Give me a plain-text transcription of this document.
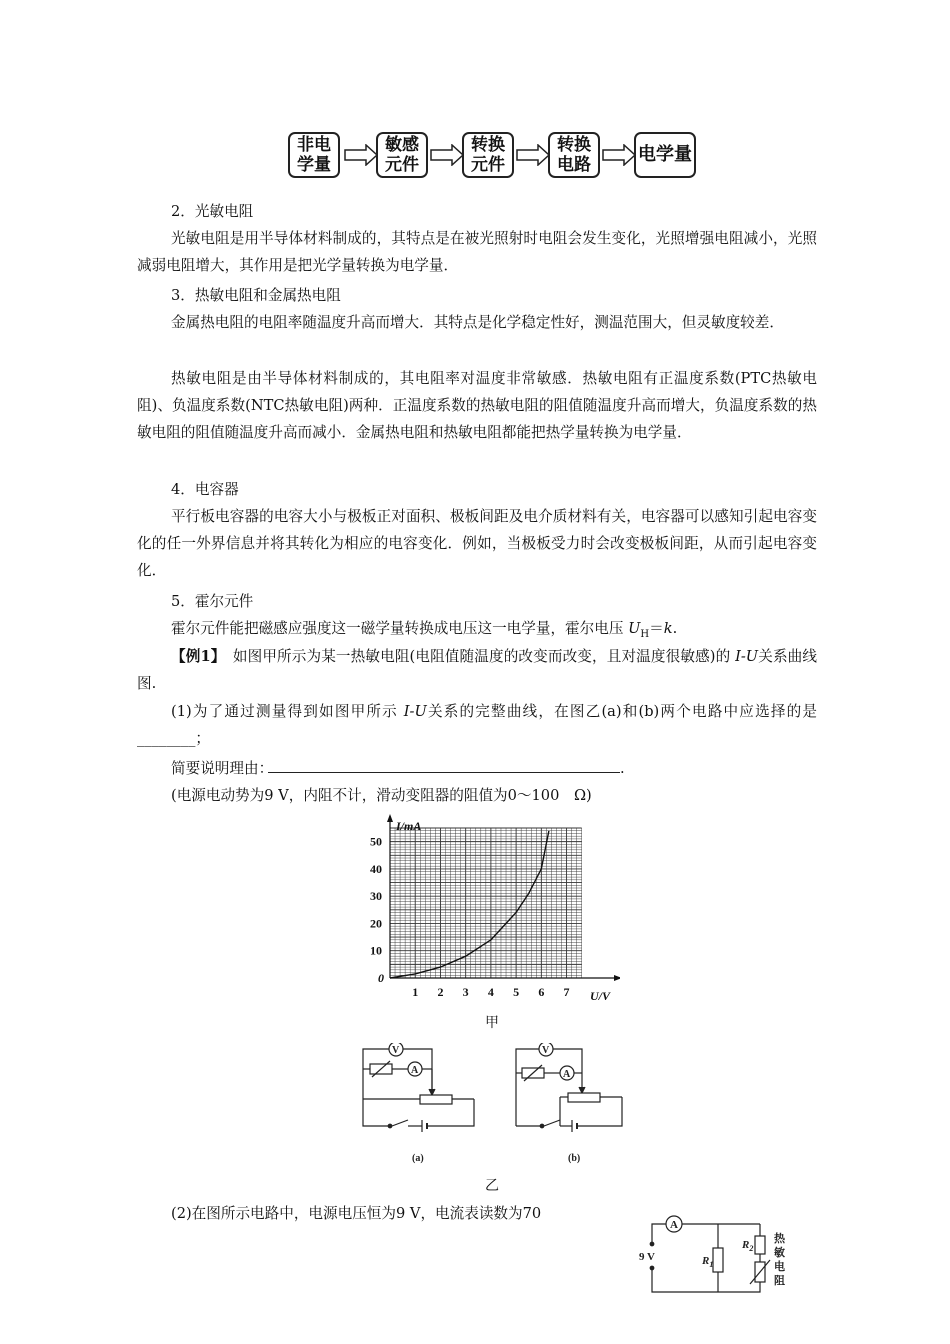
非电
学量
敏感
元件
转换
元件
转换
电路	电学量
2．光敏电阻
光敏电阻是用半导体材料制成的，其特点是在被光照射时电阻会发生变化，光照增强电阻减小，光照减弱电阻增大，其作用是把光学量转换为电学量．
3．热敏电阻和金属热电阻
金属热电阻的电阻率随温度升高而增大．其特点是化学稳定性好，测温范围大，但灵敏度较差．
热敏电阻是由半导体材料制成的，其电阻率对温度非常敏感．热敏电阻有正温度系数(PTC热敏电阻)、负温度系数(NTC热敏电阻)两种．正温度系数的热敏电阻的阻值随温度升高而增大，负温度系数的热敏电阻的阻值随温度升高而减小．金属热电阻和热敏电阻都能把热学量转换为电学量．
4．电容器
平行板电容器的电容大小与极板正对面积、极板间距及电介质材料有关，电容器可以感知引起电容变化的任一外界信息并将其转化为相应的电容变化．例如，当极板受力时会改变极板间距，从而引起电容变化．
5．霍尔元件
霍尔元件能把磁感应强度这一磁学量转换成电压这一电学量，霍尔电压 $U_H=k$.
【例1】　如图甲所示为某一热敏电阻(电阻值随温度的改变而改变，且对温度很敏感)的 I-U关系曲线图.
(1)为了通过测量得到如图甲所示 I-U关系的完整曲线，在图乙(a)和(b)两个电路中应选择的是________；
简要说明理由：	.
(电源电动势为9 V，内阻不计，滑动变阻器的阻值为0～100　Ω)
1 2 3 4 5 6 7
10
20
30
40
50
0
I/mA
U/V
甲
V
A
V
A
(a)	(b)
乙
(2)在图所示电路中，电源电压恒为9 V，电流表读数为70
A
9 V	$R_1$
$R_2$
热
敏
电
阻
